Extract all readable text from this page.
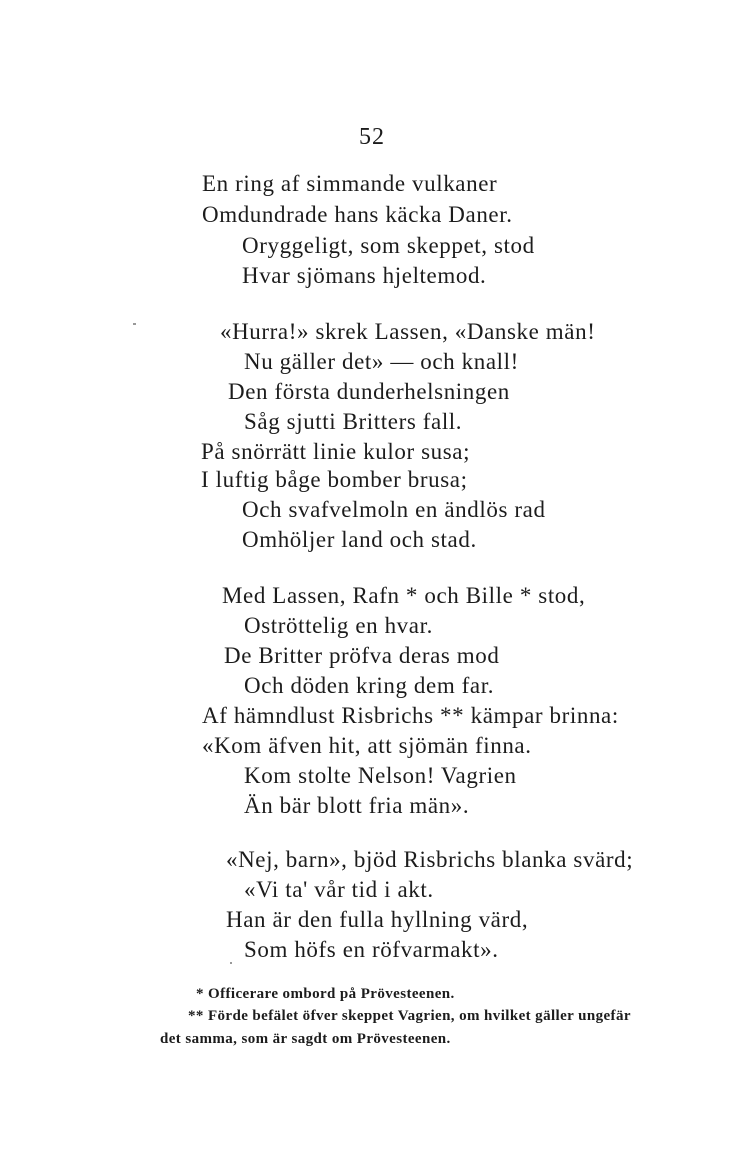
52
En ring af simmande vulkaner
Omdundrade hans käcka Daner.
Oryggeligt, som skeppet, stod
Hvar sjömans hjeltemod.
«Hurra!» skrek Lassen, «Danske män!
Nu gäller det» — och knall!
Den första dunderhelsningen
Såg sjutti Britters fall.
På snörrätt linie kulor susa;
I luftig båge bomber brusa;
Och svafvelmoln en ändlös rad
Omhöljer land och stad.
Med Lassen, Rafn * och Bille * stod,
Oströttelig en hvar.
De Britter pröfva deras mod
Och döden kring dem far.
Af hämndlust Risbrichs ** kämpar brinna:
«Kom äfven hit, att sjömän finna.
Kom stolte Nelson! Vagrien
Än bär blott fria män».
«Nej, barn», bjöd Risbrichs blanka svärd;
«Vi ta' vår tid i akt.
Han är den fulla hyllning värd,
Som höfs en röfvarmakt».
* Officerare ombord på Prövesteenen.
** Förde befälet öfver skeppet Vagrien, om hvilket gäller ungefär
det samma, som är sagdt om Prövesteenen.
